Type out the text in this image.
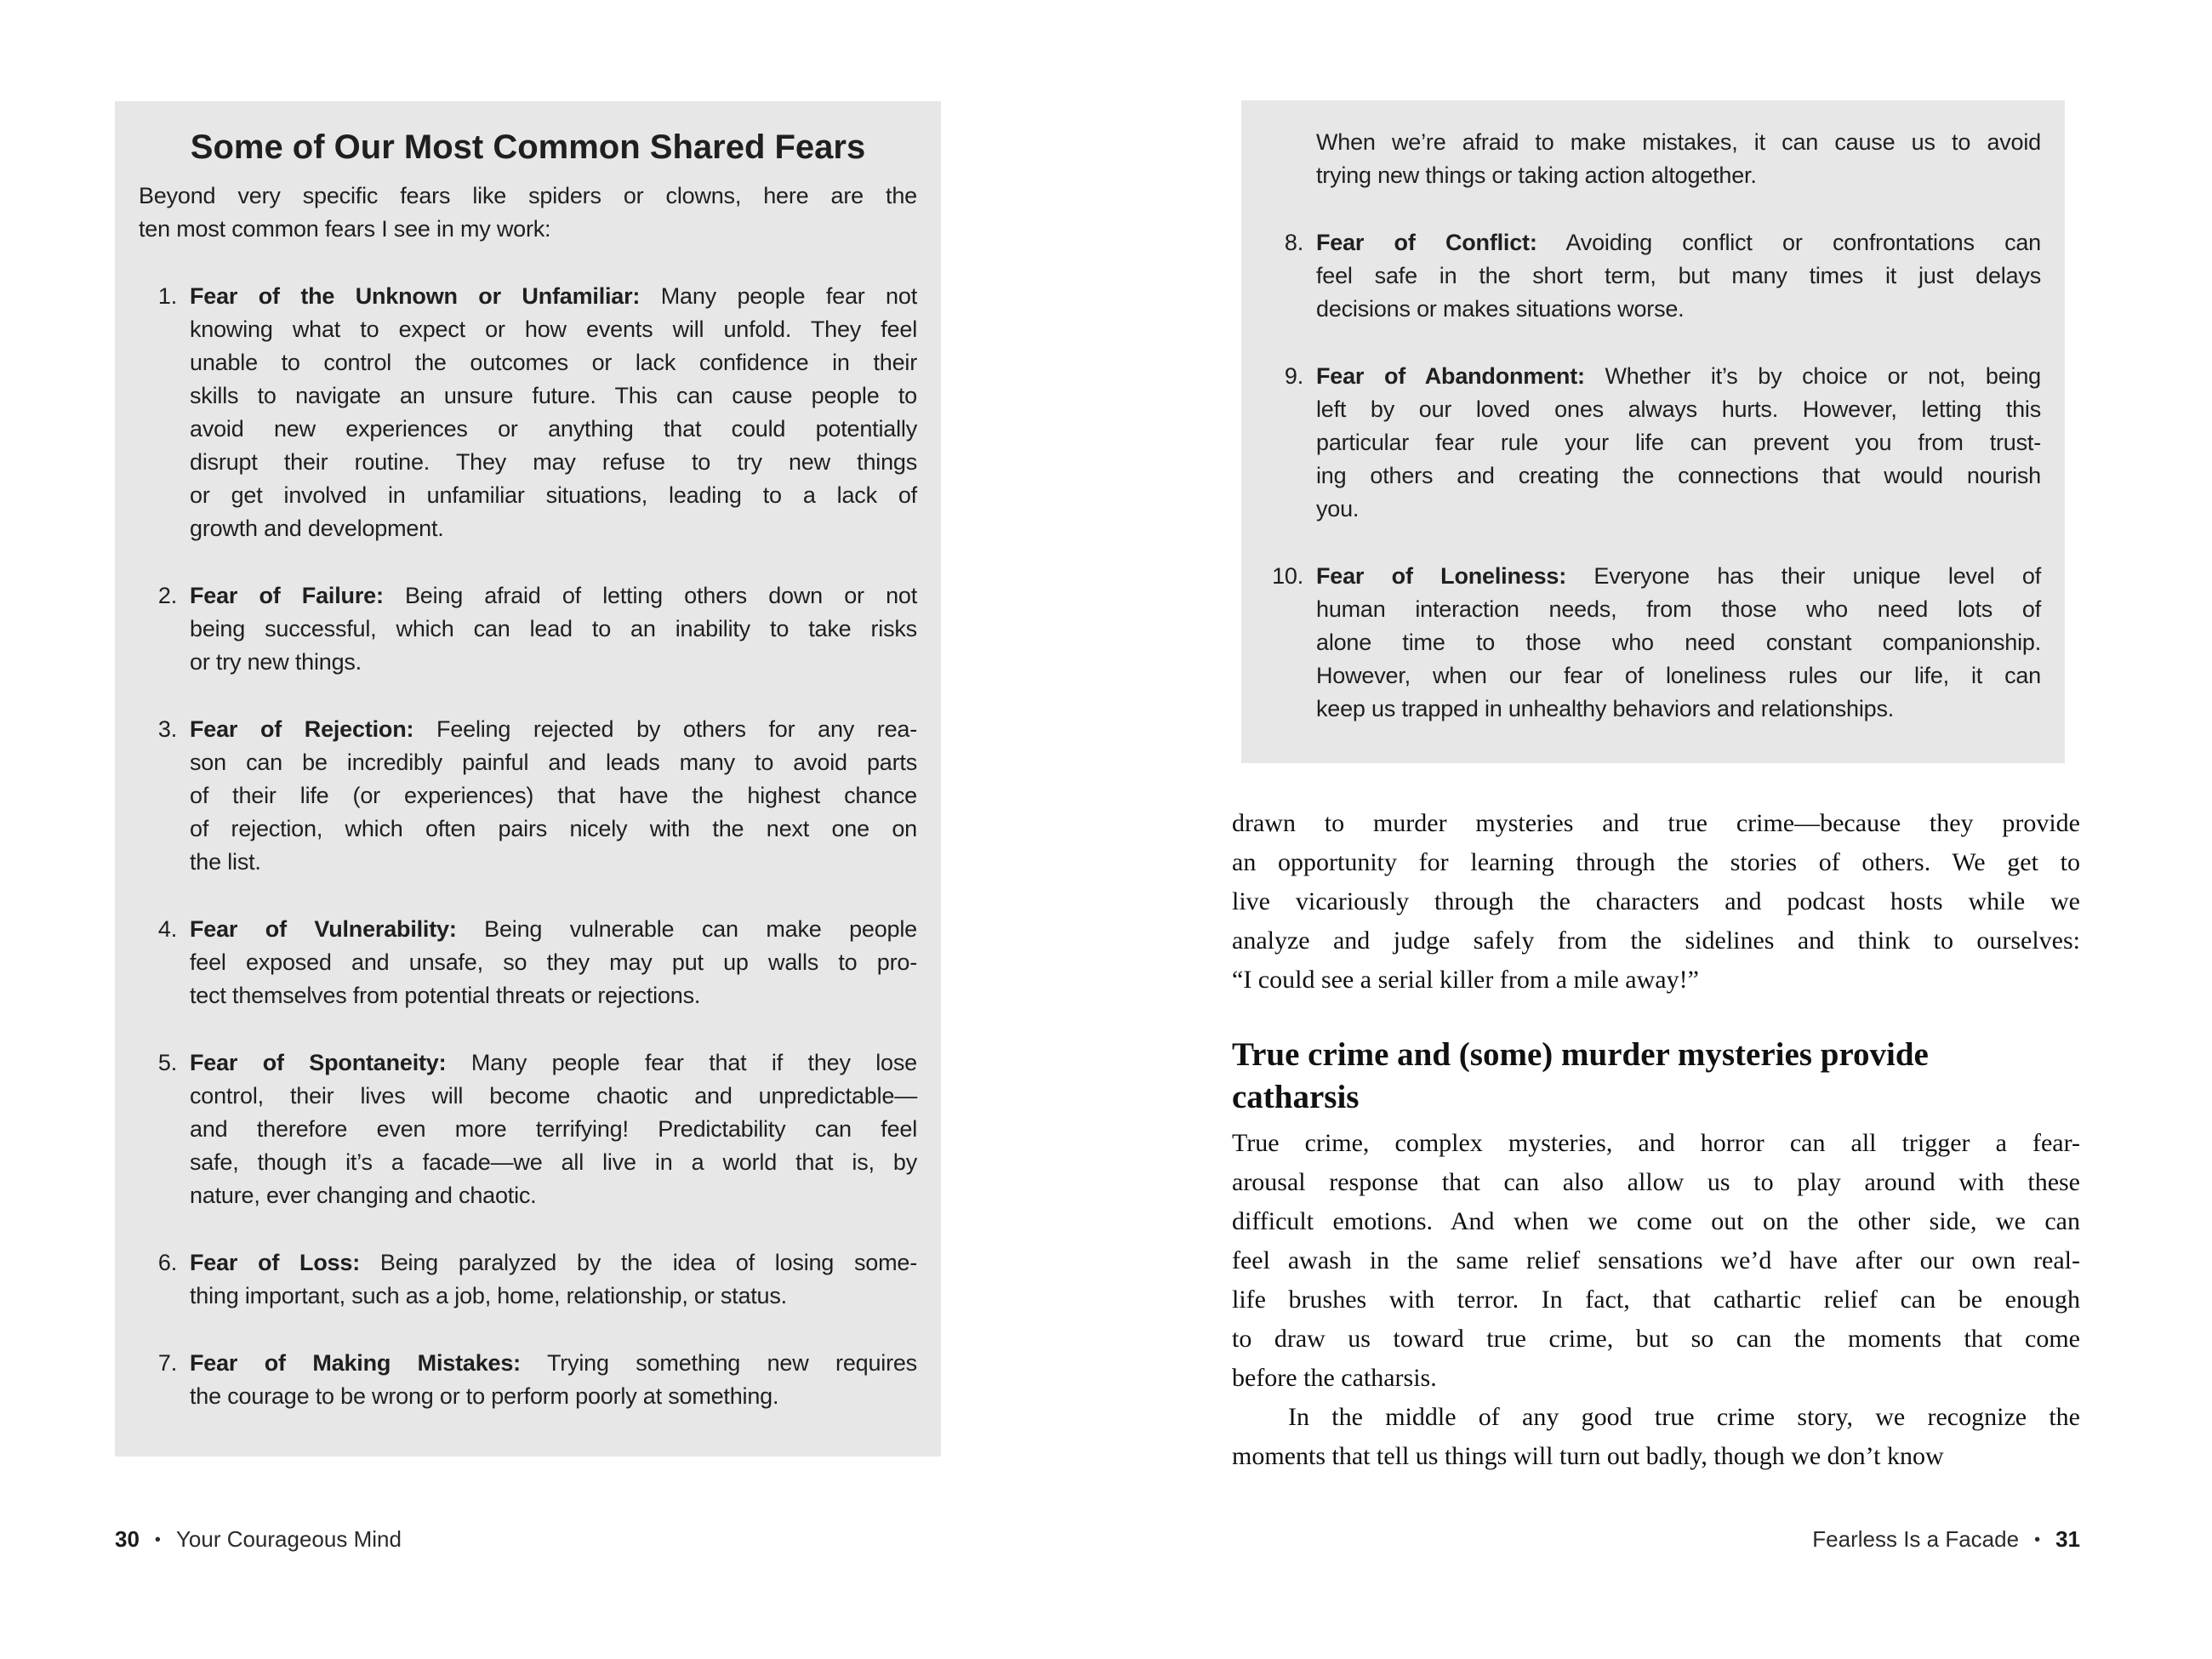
Some of Our Most Common Shared Fears
Beyond very specific fears like spiders or clowns, here are the
ten most common fears I see in my work:
1. Fear of the Unknown or Unfamiliar: Many people fear not
knowing what to expect or how events will unfold. They feel
unable to control the outcomes or lack confidence in their
skills to navigate an unsure future. This can cause people to
avoid new experiences or anything that could potentially
disrupt their routine. They may refuse to try new things
or get involved in unfamiliar situations, leading to a lack of
growth and development.
2. Fear of Failure: Being afraid of letting others down or not
being successful, which can lead to an inability to take risks
or try new things.
3. Fear of Rejection: Feeling rejected by others for any rea-
son can be incredibly painful and leads many to avoid parts
of their life (or experiences) that have the highest chance
of rejection, which often pairs nicely with the next one on
the list.
4. Fear of Vulnerability: Being vulnerable can make people
feel exposed and unsafe, so they may put up walls to pro-
tect themselves from potential threats or rejections.
5. Fear of Spontaneity: Many people fear that if they lose
control, their lives will become chaotic and unpredictable—
and therefore even more terrifying! Predictability can feel
safe, though it’s a facade—we all live in a world that is, by
nature, ever changing and chaotic.
6. Fear of Loss: Being paralyzed by the idea of losing some-
thing important, such as a job, home, relationship, or status.
7. Fear of Making Mistakes: Trying something new requires
the courage to be wrong or to perform poorly at something.
30 • Your Courageous Mind
When we’re afraid to make mistakes, it can cause us to avoid
trying new things or taking action altogether.
8. Fear of Conflict: Avoiding conflict or confrontations can
feel safe in the short term, but many times it just delays
decisions or makes situations worse.
9. Fear of Abandonment: Whether it’s by choice or not, being
left by our loved ones always hurts. However, letting this
particular fear rule your life can prevent you from trust-
ing others and creating the connections that would nourish
you.
10. Fear of Loneliness: Everyone has their unique level of
human interaction needs, from those who need lots of
alone time to those who need constant companionship.
However, when our fear of loneliness rules our life, it can
keep us trapped in unhealthy behaviors and relationships.
drawn to murder mysteries and true crime—because they provide
an opportunity for learning through the stories of others. We get to
live vicariously through the characters and podcast hosts while we
analyze and judge safely from the sidelines and think to ourselves:
“I could see a serial killer from a mile away!”
True crime and (some) murder mysteries provide
catharsis
True crime, complex mysteries, and horror can all trigger a fear-
arousal response that can also allow us to play around with these
difficult emotions. And when we come out on the other side, we can
feel awash in the same relief sensations we’d have after our own real-
life brushes with terror. In fact, that cathartic relief can be enough
to draw us toward true crime, but so can the moments that come
before the catharsis.
In the middle of any good true crime story, we recognize the
moments that tell us things will turn out badly, though we don’t know
Fearless Is a Facade • 31
